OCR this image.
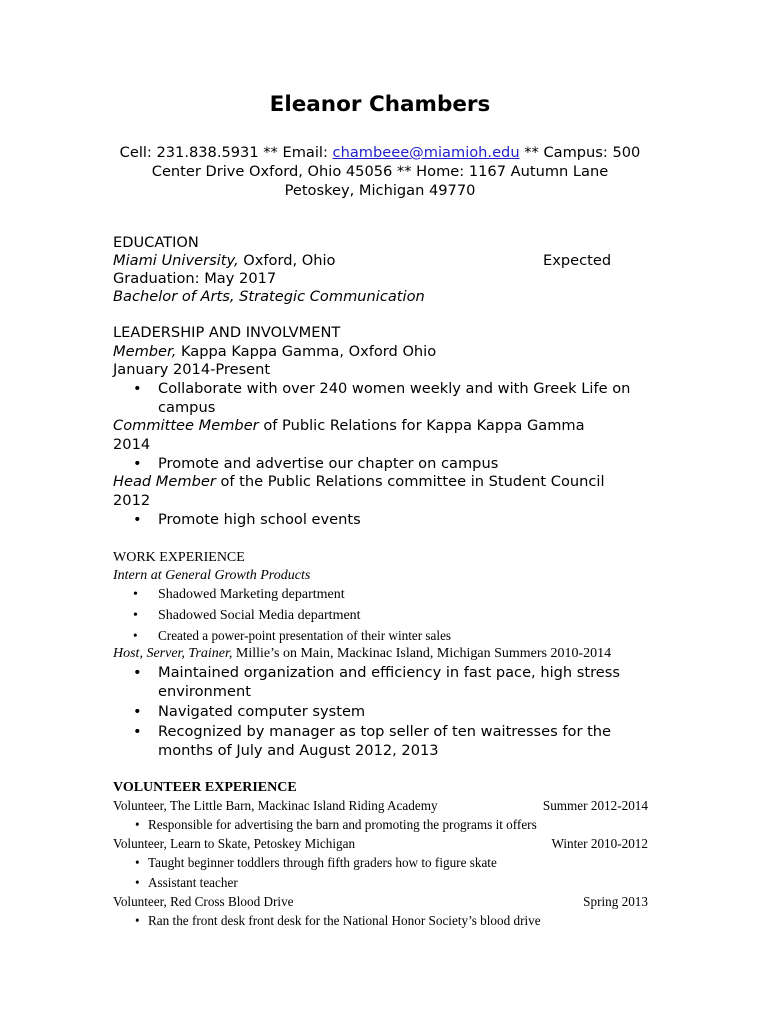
Eleanor Chambers
Cell: 231.838.5931 ** Email: chambeee@miamioh.edu ** Campus: 500
Center Drive Oxford, Ohio 45056 ** Home: 1167 Autumn Lane
Petoskey, Michigan 49770
EDUCATION
Miami University, Oxford, Ohio	Expected
Graduation: May 2017
Bachelor of Arts, Strategic Communication
LEADERSHIP AND INVOLVMENT
Member, Kappa Kappa Gamma, Oxford Ohio
January 2014-Present
• Collaborate with over 240 women weekly and with Greek Life on
campus
Committee Member of Public Relations for Kappa Kappa Gamma
2014
• Promote and advertise our chapter on campus
Head Member of the Public Relations committee in Student Council
2012
• Promote high school events
WORK EXPERIENCE
Intern at General Growth Products
• Shadowed Marketing department
• Shadowed Social Media department
• Created a power-point presentation of their winter sales
Host, Server, Trainer, Millie’s on Main, Mackinac Island, Michigan Summers 2010-2014
• Maintained organization and efficiency in fast pace, high stress
environment
• Navigated computer system
• Recognized by manager as top seller of ten waitresses for the
months of July and August 2012, 2013
VOLUNTEER EXPERIENCE
Volunteer, The Little Barn, Mackinac Island Riding Academy	Summer 2012-2014
• Responsible for advertising the barn and promoting the programs it offers
Volunteer, Learn to Skate, Petoskey Michigan	Winter 2010-2012
• Taught beginner toddlers through fifth graders how to figure skate
• Assistant teacher
Volunteer, Red Cross Blood Drive	Spring 2013
• Ran the front desk front desk for the National Honor Society’s blood drive
